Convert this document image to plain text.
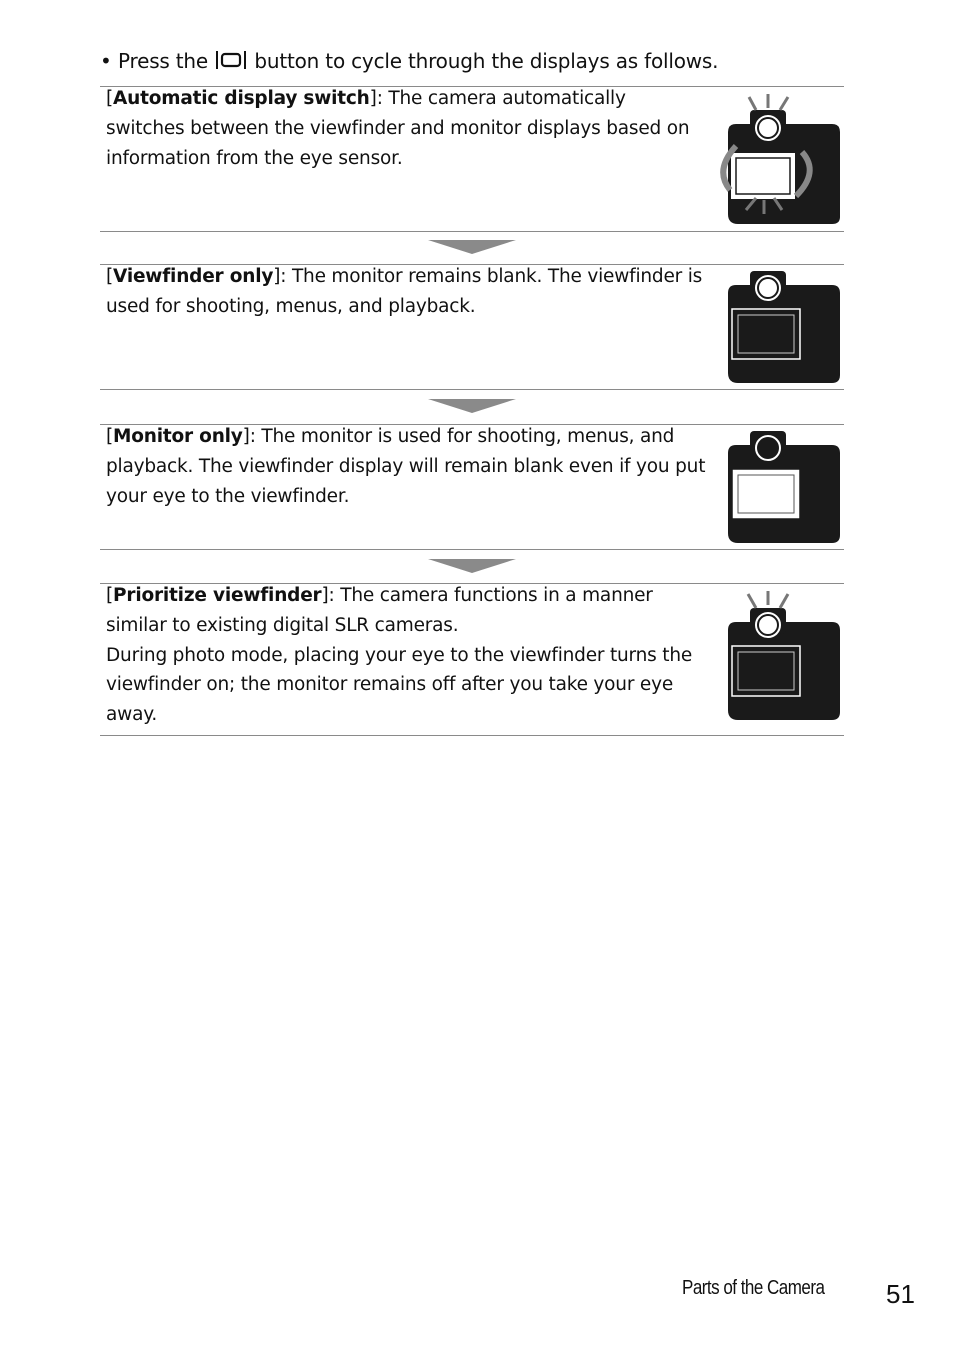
• Press the button to cycle through the displays as follows.
[Automatic display switch]: The camera automatically switches between the viewfinder and monitor displays based on information from the eye sensor.
[Viewfinder only]: The monitor remains blank. The viewfinder is used for shooting, menus, and playback.
[Monitor only]: The monitor is used for shooting, menus, and playback. The viewfinder display will remain blank even if you put your eye to the viewfinder.
[Prioritize viewfinder]: The camera functions in a manner similar to existing digital SLR cameras.
During photo mode, placing your eye to the viewfinder turns the viewfinder on; the monitor remains off after you take your eye away.
Parts of the Camera 51
